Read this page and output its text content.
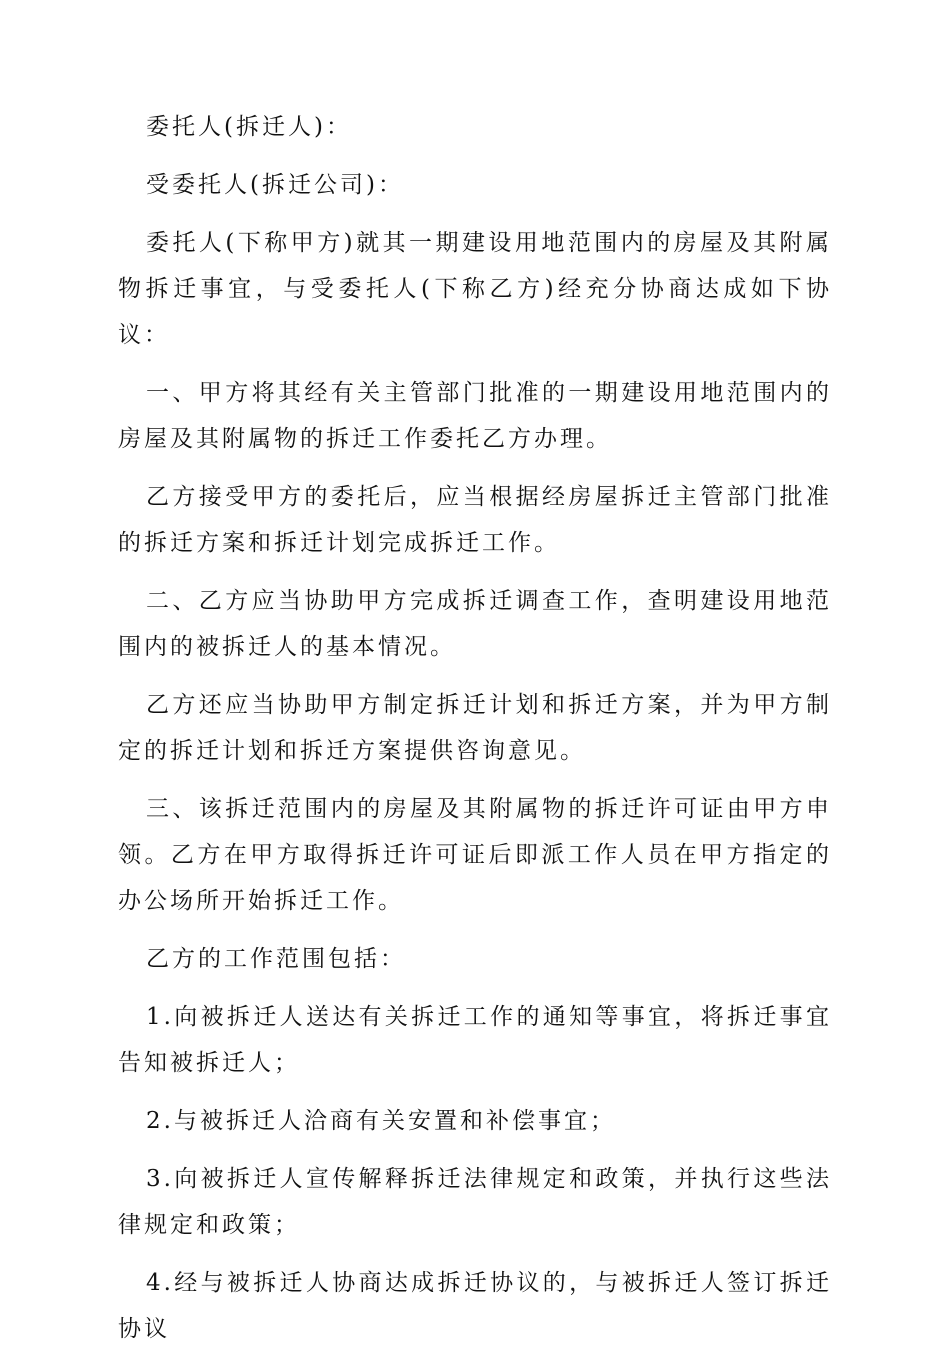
委托人(拆迁人)：

受委托人(拆迁公司)：

委托人(下称甲方)就其一期建设用地范围内的房屋及其附属物拆迁事宜，与受委托人(下称乙方)经充分协商达成如下协议：

一、甲方将其经有关主管部门批准的一期建设用地范围内的房屋及其附属物的拆迁工作委托乙方办理。

乙方接受甲方的委托后，应当根据经房屋拆迁主管部门批准的拆迁方案和拆迁计划完成拆迁工作。

二、乙方应当协助甲方完成拆迁调查工作，查明建设用地范围内的被拆迁人的基本情况。

乙方还应当协助甲方制定拆迁计划和拆迁方案，并为甲方制定的拆迁计划和拆迁方案提供咨询意见。

三、该拆迁范围内的房屋及其附属物的拆迁许可证由甲方申领。乙方在甲方取得拆迁许可证后即派工作人员在甲方指定的办公场所开始拆迁工作。

乙方的工作范围包括：

1.向被拆迁人送达有关拆迁工作的通知等事宜，将拆迁事宜告知被拆迁人；

2.与被拆迁人洽商有关安置和补偿事宜；

3.向被拆迁人宣传解释拆迁法律规定和政策，并执行这些法律规定和政策；

4.经与被拆迁人协商达成拆迁协议的，与被拆迁人签订拆迁协议
